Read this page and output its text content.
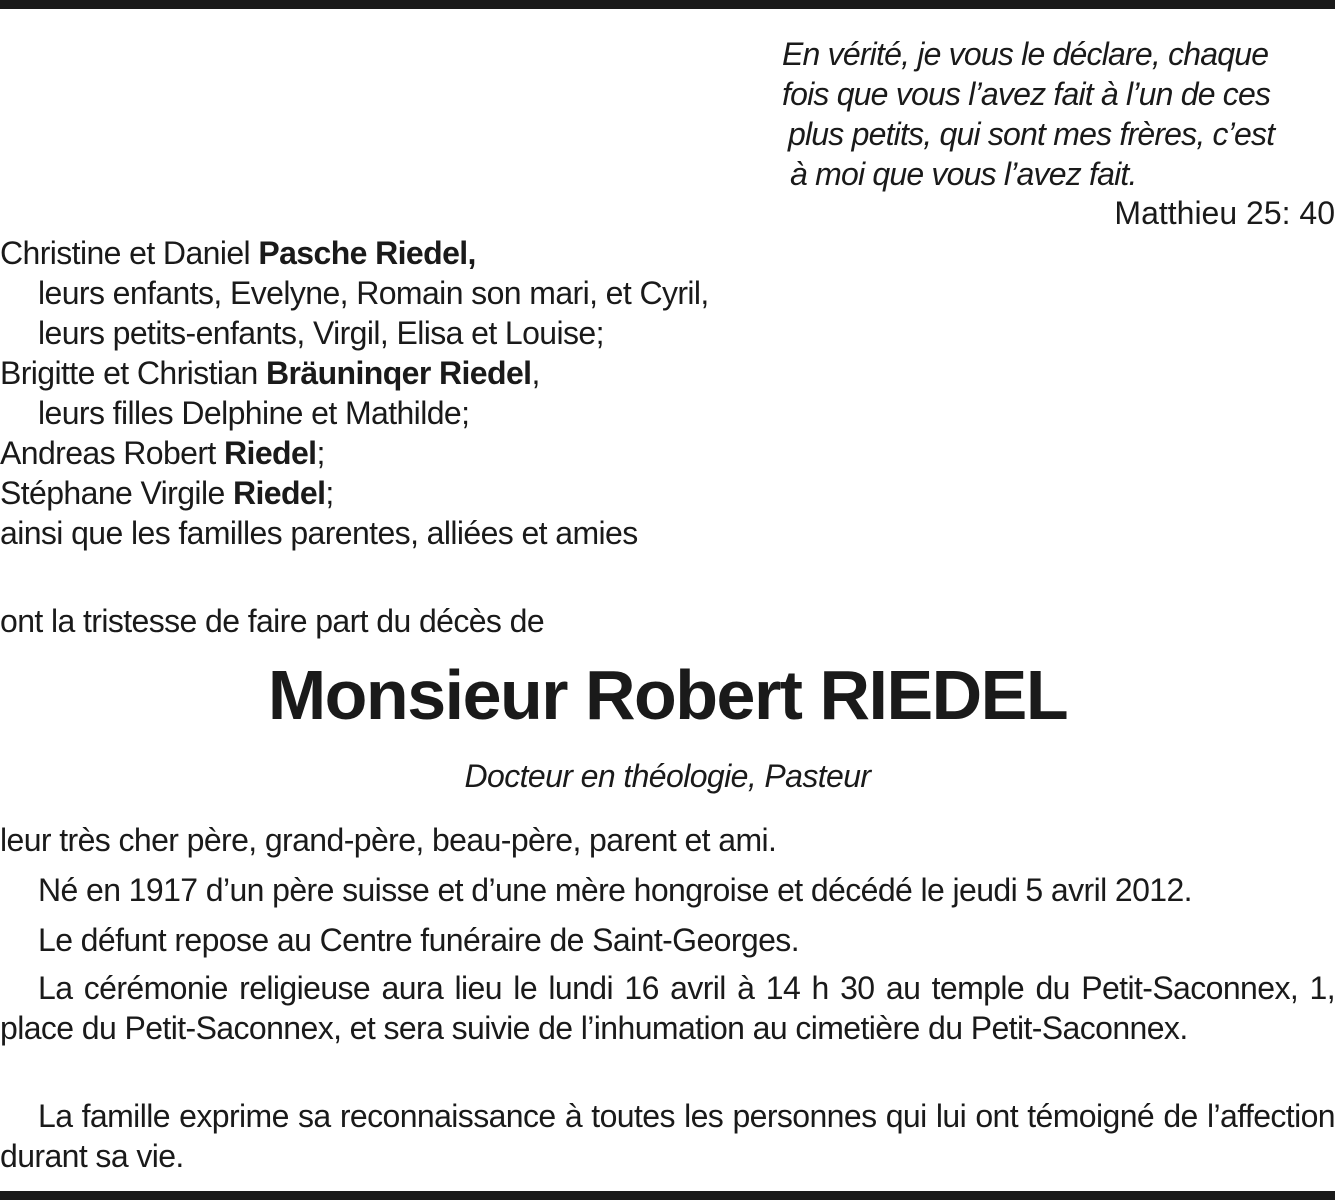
En vérité, je vous le déclare, chaque
fois que vous l’avez fait à l’un de ces
plus petits, qui sont mes frères, c’est
à moi que vous l’avez fait.
Matthieu 25: 40
Christine et Daniel Pasche Riedel,
leurs enfants, Evelyne, Romain son mari, et Cyril,
leurs petits-enfants, Virgil, Elisa et Louise;
Brigitte et Christian Bräuninqer Riedel,
leurs filles Delphine et Mathilde;
Andreas Robert Riedel;
Stéphane Virgile Riedel;
ainsi que les familles parentes, alliées et amies
ont la tristesse de faire part du décès de
Monsieur Robert RIEDEL
Docteur en théologie, Pasteur
leur très cher père, grand-père, beau-père, parent et ami.
Né en 1917 d’un père suisse et d’une mère hongroise et décédé le jeudi 5 avril 2012.
Le défunt repose au Centre funéraire de Saint-Georges.
La cérémonie religieuse aura lieu le lundi 16 avril à 14 h 30 au temple du Petit-Saconnex, 1, place du Petit-Saconnex, et sera suivie de l’inhumation au cimetière du Petit-Saconnex.
La famille exprime sa reconnaissance à toutes les personnes qui lui ont témoigné de l’affection durant sa vie.
